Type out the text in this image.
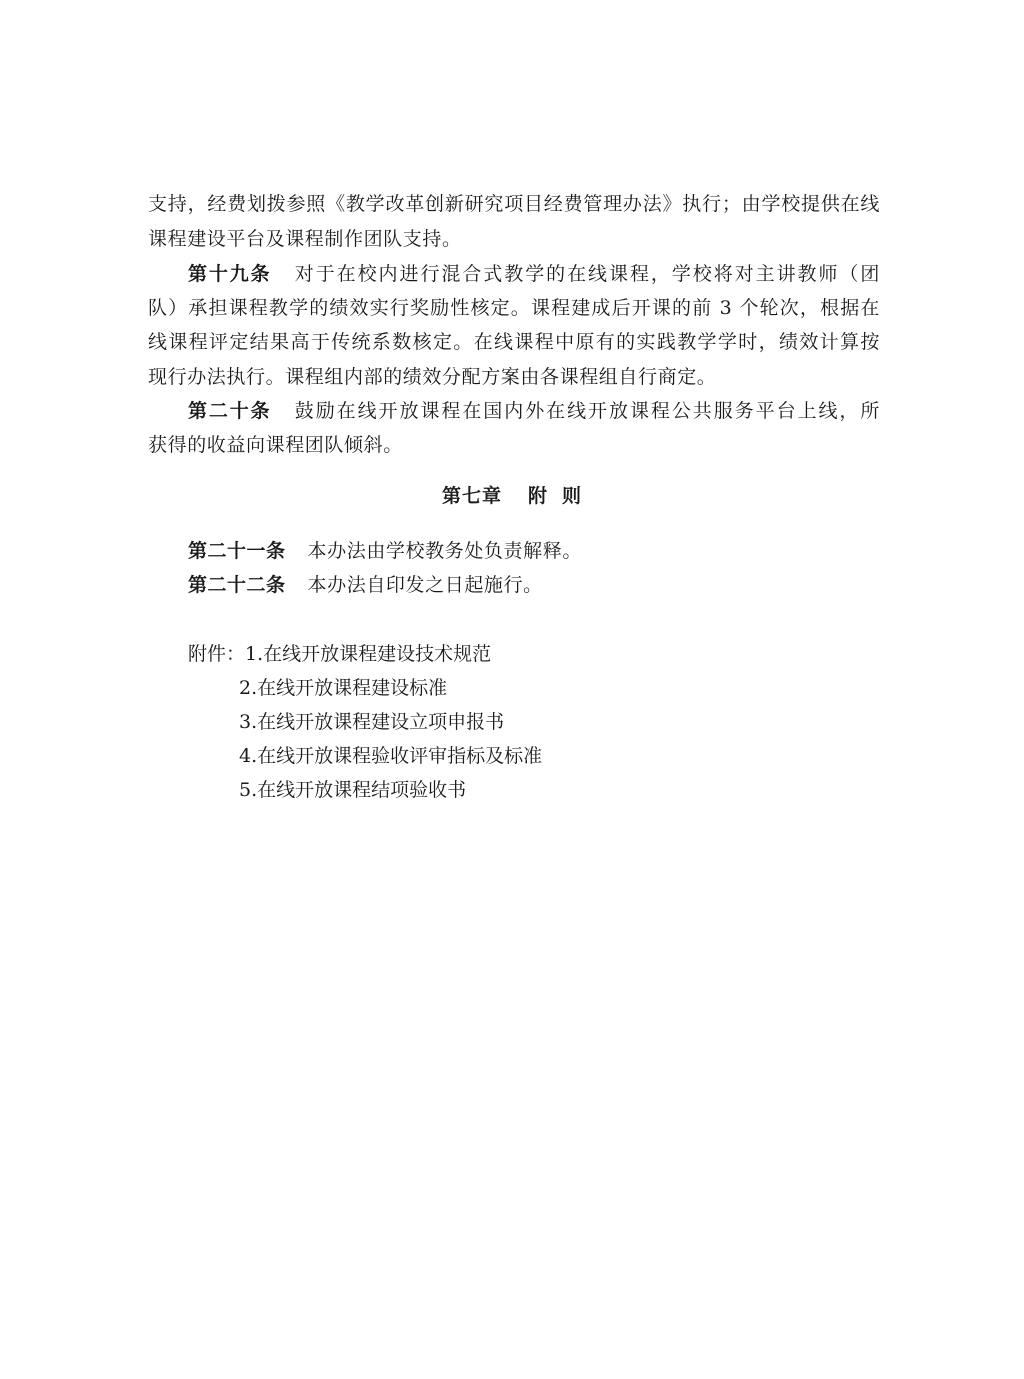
支持，经费划拨参照《教学改革创新研究项目经费管理办法》执行；由学校提供在线
课程建设平台及课程制作团队支持。
第十九条 对于在校内进行混合式教学的在线课程，学校将对主讲教师（团
队）承担课程教学的绩效实行奖励性核定。课程建成后开课的前 3 个轮次，根据在
线课程评定结果高于传统系数核定。在线课程中原有的实践教学学时，绩效计算按
现行办法执行。课程组内部的绩效分配方案由各课程组自行商定。
第二十条 鼓励在线开放课程在国内外在线开放课程公共服务平台上线，所
获得的收益向课程团队倾斜。
第七章 附 则
第二十一条 本办法由学校教务处负责解释。
第二十二条 本办法自印发之日起施行。
附件：1.在线开放课程建设技术规范
2.在线开放课程建设标准
3.在线开放课程建设立项申报书
4.在线开放课程验收评审指标及标准
5.在线开放课程结项验收书
